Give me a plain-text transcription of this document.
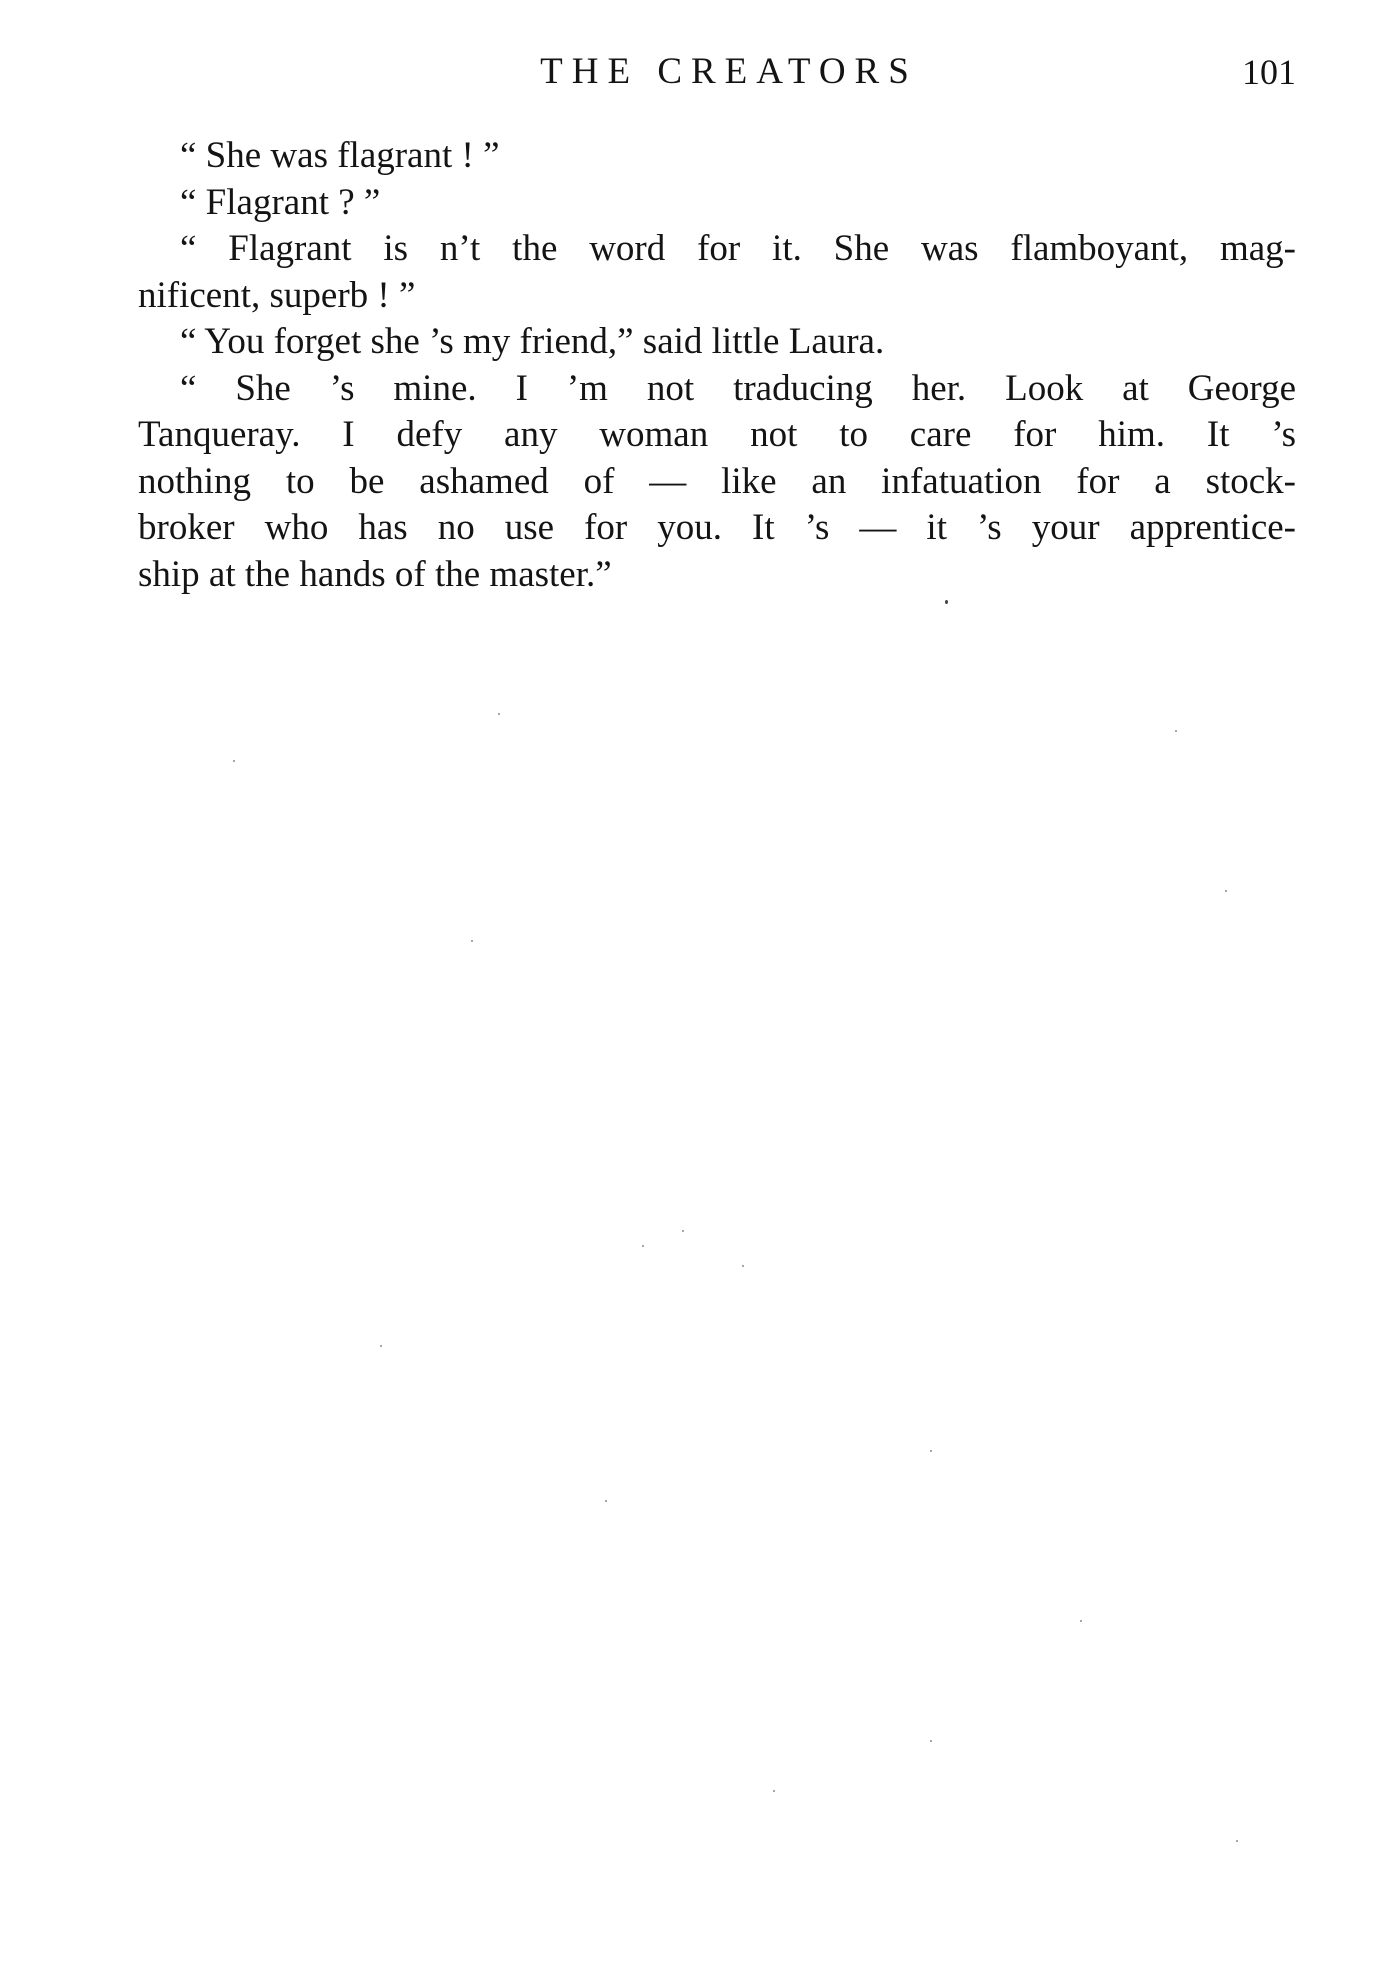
THE CREATORS	101

“ She was flagrant ! ”

“ Flagrant ? ”

“ Flagrant is n’t the word for it. She was flamboyant, mag-
nificent, superb ! ”

“ You forget she ’s my friend,” said little Laura.

“ She ’s mine. I ’m not traducing her. Look at George
Tanqueray. I defy any woman not to care for him. It ’s
nothing to be ashamed of — like an infatuation for a stock-
broker who has no use for you. It ’s — it ’s your apprentice-
ship at the hands of the master.”
